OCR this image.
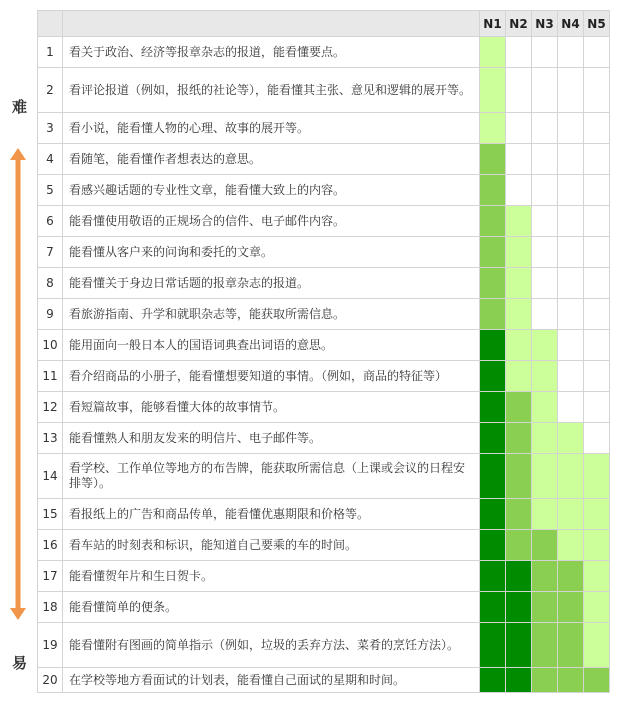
难
易
		N1	N2	N3	N4	N5
1	看关于政治、经济等报章杂志的报道，能看懂要点。					
2	看评论报道（例如，报纸的社论等），能看懂其主张、意见和逻辑的展开等。					
3	看小说，能看懂人物的心理、故事的展开等。					
4	看随笔，能看懂作者想表达的意思。					
5	看感兴趣话题的专业性文章，能看懂大致上的内容。					
6	能看懂使用敬语的正规场合的信件、电子邮件内容。					
7	能看懂从客户来的问询和委托的文章。					
8	能看懂关于身边日常话题的报章杂志的报道。					
9	看旅游指南、升学和就职杂志等，能获取所需信息。					
10	能用面向一般日本人的国语词典查出词语的意思。					
11	看介绍商品的小册子，能看懂想要知道的事情。（例如，商品的特征等）					
12	看短篇故事，能够看懂大体的故事情节。					
13	能看懂熟人和朋友发来的明信片、电子邮件等。					
14	看学校、工作单位等地方的布告牌，能获取所需信息（上课或会议的日程安排等）。					
15	看报纸上的广告和商品传单，能看懂优惠期限和价格等。					
16	看车站的时刻表和标识，能知道自己要乘的车的时间。					
17	能看懂贺年片和生日贺卡。					
18	能看懂简单的便条。					
19	能看懂附有图画的简单指示（例如，垃圾的丢弃方法、菜肴的烹饪方法）。					
20	在学校等地方看面试的计划表，能看懂自己面试的星期和时间。					
